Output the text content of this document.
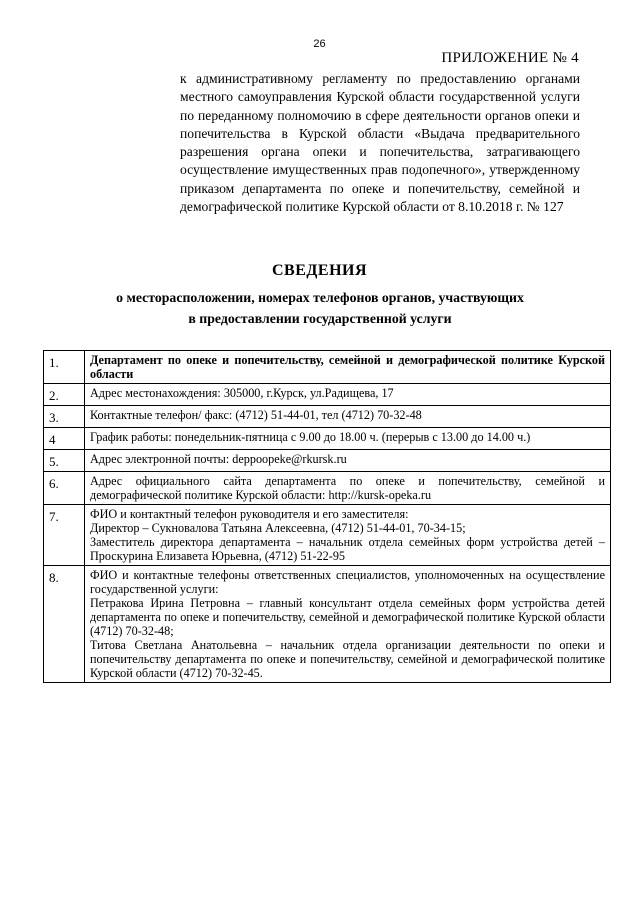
26
ПРИЛОЖЕНИЕ № 4
к административному регламенту по предоставлению органами местного самоуправления Курской области государственной услуги по переданному полномочию в сфере деятельности органов опеки и попечительства в Курской области «Выдача предварительного разрешения органа опеки и попечительства, затрагивающего осуществление имущественных прав подопечного», утвержденному приказом департамента по опеке и попечительству, семейной и демографической политике Курской области от 8.10.2018 г. № 127
СВЕДЕНИЯ
о месторасположении, номерах телефонов органов, участвующих
в предоставлении государственной услуги
1.	Департамент по опеке и попечительству, семейной и демографической политике Курской области
2.	Адрес местонахождения: 305000, г.Курск, ул.Радищева, 17
3.	Контактные телефон/ факс: (4712) 51-44-01, тел (4712) 70-32-48
4	График работы: понедельник-пятница с 9.00 до 18.00 ч. (перерыв с 13.00 до 14.00 ч.)
5.	Адрес электронной почты: deppoopeke@rkursk.ru
6.	Адрес официального сайта департамента по опеке и попечительству, семейной и демографической политике Курской области: http://kursk-opeka.ru
7.	ФИО и контактный телефон руководителя и его заместителя:
Директор – Сукновалова Татьяна Алексеевна, (4712) 51-44-01, 70-34-15;
Заместитель директора департамента – начальник отдела семейных форм устройства детей – Проскурина Елизавета Юрьевна, (4712) 51-22-95

8.	ФИО и контактные телефоны ответственных специалистов, уполномоченных на осуществление государственной услуги:
Петракова Ирина Петровна – главный консультант отдела семейных форм устройства детей департамента по опеке и попечительству, семейной и демографической политике Курской области (4712) 70-32-48;
Титова Светлана Анатольевна – начальник отдела организации деятельности по опеки и попечительству департамента по опеке и попечительству, семейной и демографической политике Курской области (4712) 70-32-45.
